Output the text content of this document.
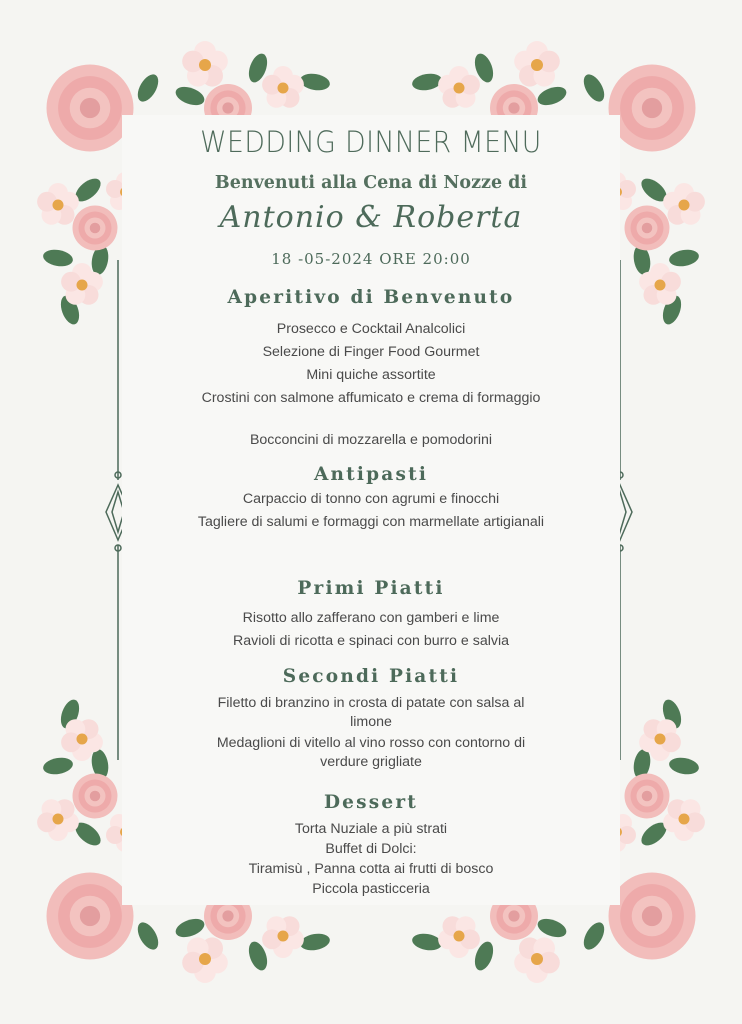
WEDDING DINNER MENU
Benvenuti alla Cena di Nozze di
Antonio & Roberta
18 -05-2024 ORE 20:00
Aperitivo di Benvenuto
Prosecco e Cocktail Analcolici
Selezione di Finger Food Gourmet
Mini quiche assortite
Crostini con salmone affumicato e crema di formaggio
Bocconcini di mozzarella e pomodorini
Antipasti
Carpaccio di tonno con agrumi e finocchi
Tagliere di salumi e formaggi con marmellate artigianali
Primi Piatti
Risotto allo zafferano con gamberi e lime
Ravioli di ricotta e spinaci con burro e salvia
Secondi Piatti
Filetto di branzino in crosta di patate con salsa al limone
Medaglioni di vitello al vino rosso con contorno di verdure grigliate
Dessert
Torta Nuziale a più strati
Buffet di Dolci:
Tiramisù , Panna cotta ai frutti di bosco
Piccola pasticceria
